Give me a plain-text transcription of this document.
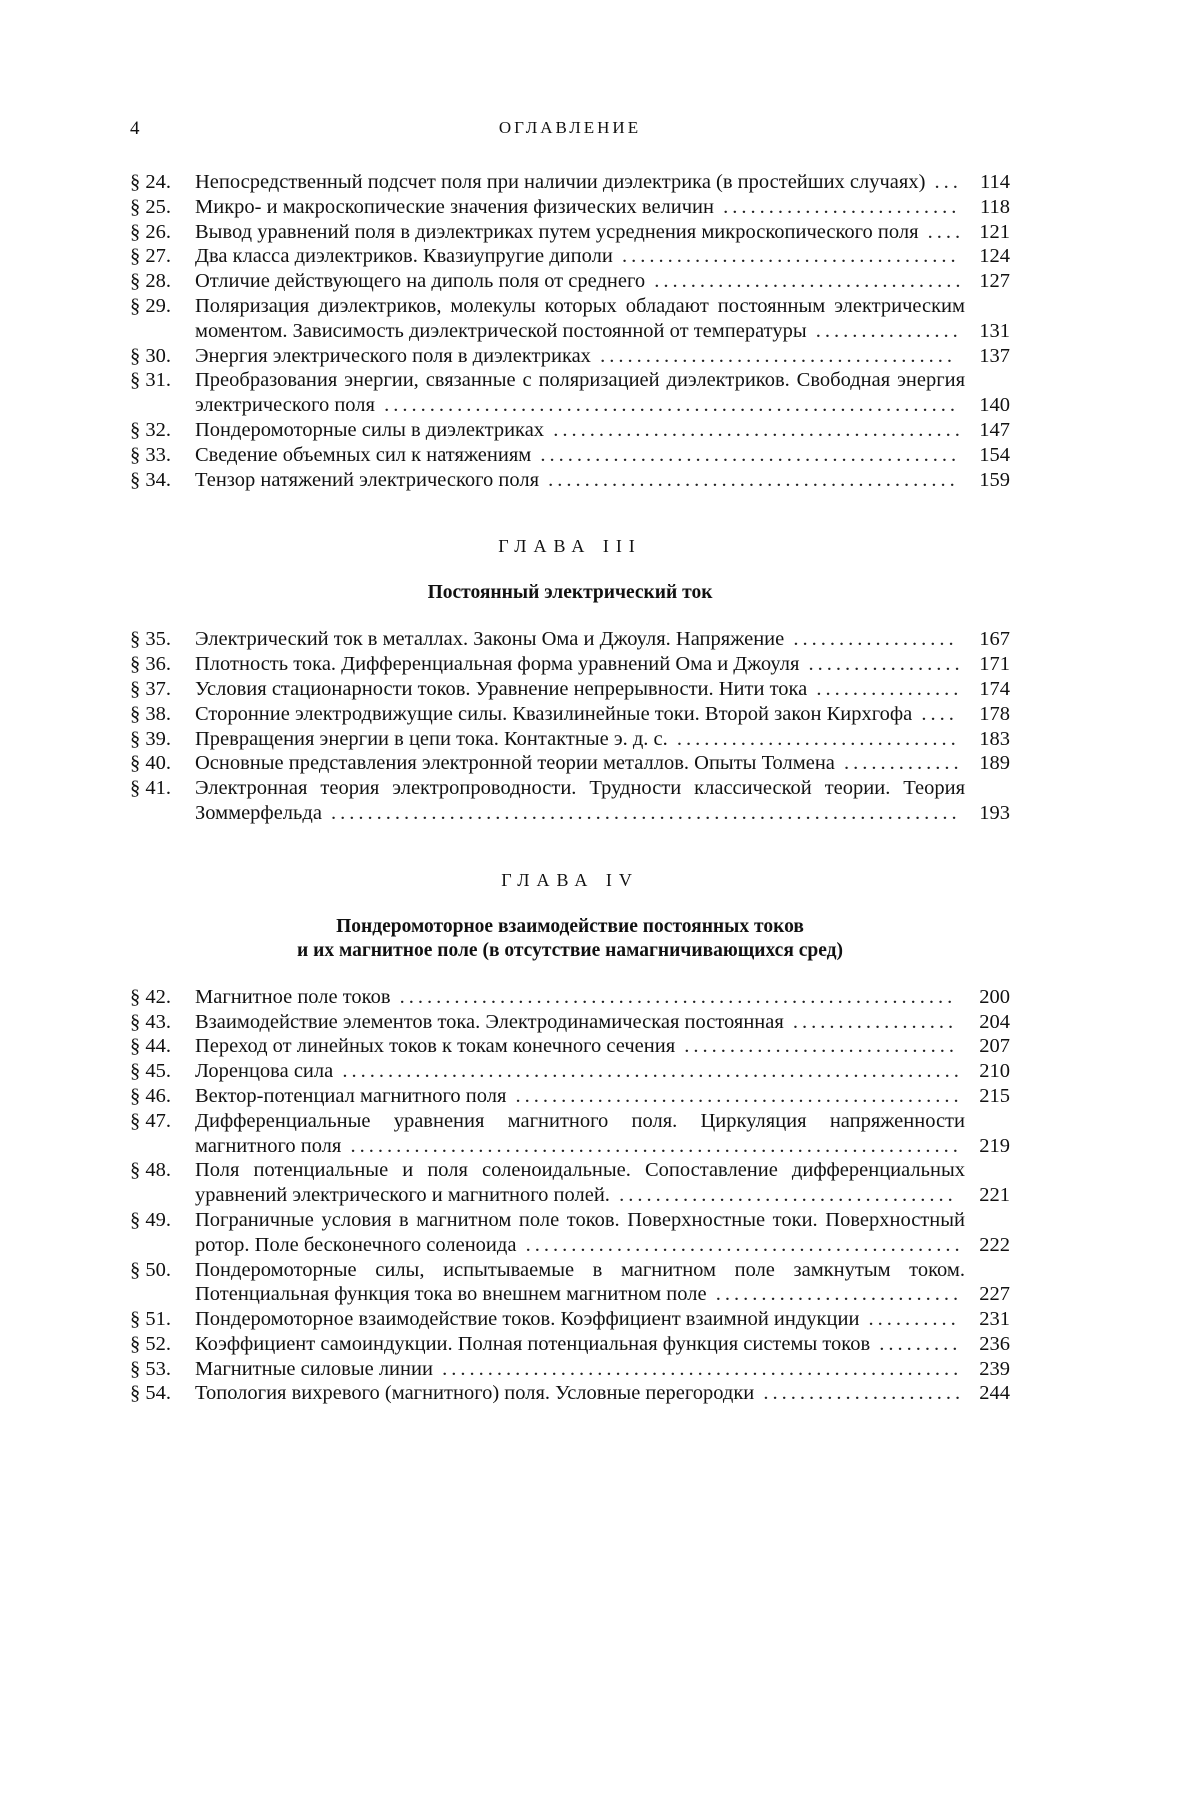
4	ОГЛАВЛЕНИЕ
§ 24.	Непосредственный подсчет поля при наличии диэлектрика (в простейших случаях) ... 114
§ 25.	Микро- и макроскопические значения физических величин .......................... 118
§ 26.	Вывод уравнений поля в диэлектриках путем усреднения микроскопического поля .... 121
§ 27.	Два класса диэлектриков. Квазиупругие диполи ..................................... 124
§ 28.	Отличие действующего на диполь поля от среднего .................................. 127
§ 29.	Поляризация диэлектриков, молекулы которых обладают постоянным электрическим моментом. Зависимость диэлектрической постоянной от температуры ................ 131
§ 30.	Энергия электрического поля в диэлектриках .......................................	137
§ 31.	Преобразования энергии, связанные с поляризацией диэлектриков. Свободная энергия электрического поля ............................................................... 140
§ 32.	Пондеромоторные силы в диэлектриках ............................................. 147
§ 33.	Сведение объемных сил к натяжениям .............................................. 154
§ 34.	Тензор натяжений электрического поля ............................................. 159
ГЛАВА III
Постоянный электрический ток
§ 35.	Электрический ток в металлах. Законы Ома и Джоуля. Напряжение ..................	167
§ 36.	Плотность тока. Дифференциальная форма уравнений Ома и Джоуля ................. 171
§ 37.	Условия стационарности токов. Уравнение непрерывности. Нити тока ................ 174
§ 38.	Сторонние электродвижущие силы. Квазилинейные токи. Второй закон Кирхгофа ....	178
§ 39.	Превращения энергии в цепи тока. Контактные э. д. с. ............................... 183
§ 40.	Основные представления электронной теории металлов. Опыты Толмена ............. 189
§ 41.	Электронная теория электропроводности. Трудности классической теории. Теория Зоммерфельда ..................................................................... 193
ГЛАВА IV
Пондеромоторное взаимодействие постоянных токов
и их магнитное поле (в отсутствие намагничивающихся сред)
§ 42.	Магнитное поле токов .............................................................	200
§ 43.	Взаимодействие элементов тока. Электродинамическая постоянная ..................	204
§ 44.	Переход от линейных токов к токам конечного сечения ..............................	207
§ 45.	Лоренцова сила .................................................................... 210
§ 46.	Вектор-потенциал магнитного поля ................................................. 215
§ 47.	Дифференциальные уравнения магнитного поля. Циркуляция напряженности магнитного поля ................................................................... 219
§ 48.	Поля потенциальные и поля соленоидальные. Сопоставление дифференциальных уравнений электрического и магнитного полей. .....................................	221
§ 49.	Пограничные условия в магнитном поле токов. Поверхностные токи. Поверхностный ротор. Поле бесконечного соленоида ................................................ 222
§ 50.	Пондеромоторные силы, испытываемые в магнитном поле замкнутым током. Потенциальная функция тока во внешнем магнитном поле ........................... 227
§ 51.	Пондеромоторное взаимодействие токов. Коэффициент взаимной индукции .......... 231
§ 52.	Коэффициент самоиндукции. Полная потенциальная функция системы токов ......... 236
§ 53.	Магнитные силовые линии ......................................................... 239
§ 54.	Топология вихревого (магнитного) поля. Условные перегородки ...................... 244
